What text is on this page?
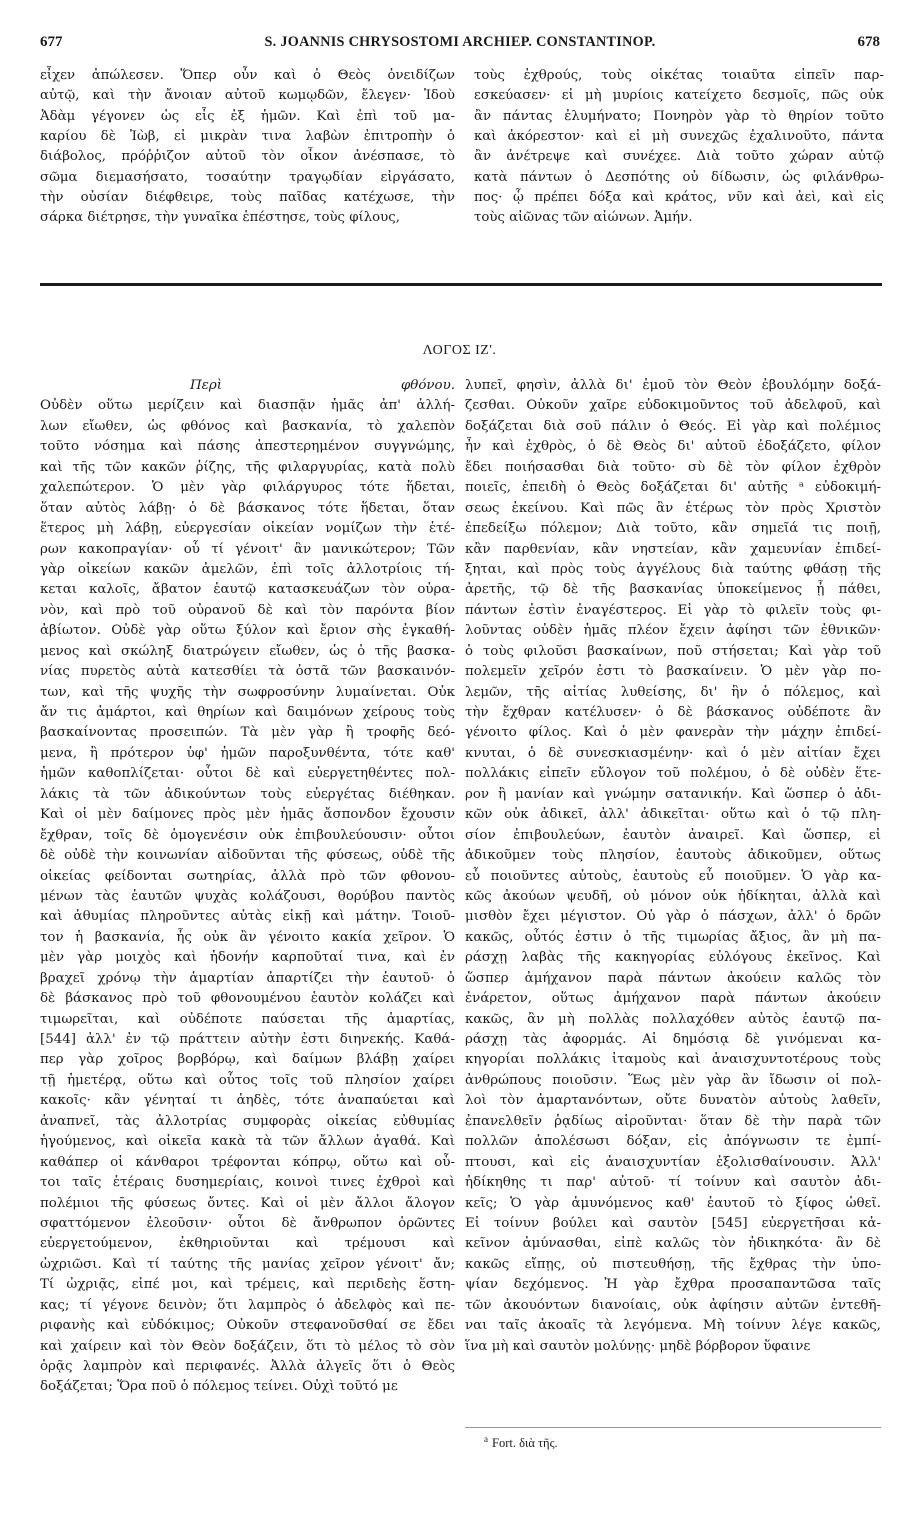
677	S. JOANNIS CHRYSOSTOMI ARCHIEP. CONSTANTINOP.	678
εἶχεν ἀπώλεσεν. Ὅπερ οὖν καὶ ὁ Θεὸς ὀνειδίζων
αὐτῷ, καὶ τὴν ἄνοιαν αὐτοῦ κωμῳδῶν, ἔλεγεν· Ἰδοὺ
Ἀδὰμ γέγονεν ὡς εἷς ἐξ ἡμῶν. Καὶ ἐπὶ τοῦ μα-
καρίου δὲ Ἰὼβ, εἰ μικρὰν τινα λαβὼν ἐπιτροπὴν ὁ
διάβολος, πρόῤῥιζον αὐτοῦ τὸν οἶκον ἀνέσπασε, τὸ
σῶμα διεμασήσατο, τοσαύτην τραγῳδίαν εἰργάσατο,
τὴν οὐσίαν διέφθειρε, τοὺς παῖδας κατέχωσε, τὴν
σάρκα διέτρησε, τὴν γυναῖκα ἐπέστησε, τοὺς φίλους,
τοὺς ἐχθρούς, τοὺς οἰκέτας τοιαῦτα εἰπεῖν παρ-
εσκεύασεν· εἰ μὴ μυρίοις κατείχετο δεσμοῖς, πῶς οὐκ
ἂν πάντας ἐλυμήνατο; Πονηρὸν γὰρ τὸ θηρίον τοῦτο
καὶ ἀκόρεστον· καὶ εἰ μὴ συνεχῶς ἐχαλινοῦτο, πάντα
ἂν ἀνέτρεψε καὶ συνέχεε. Διὰ τοῦτο χώραν αὐτῷ
κατὰ πάντων ὁ Δεσπότης οὐ δίδωσιν, ὡς φιλάνθρω-
πος· ᾧ πρέπει δόξα καὶ κράτος, νῦν καὶ ἀεὶ, καὶ εἰς
τοὺς αἰῶνας τῶν αἰώνων. Ἀμήν.
ΛΟΓΟΣ ΙΖ'.
Περὶ φθόνου.
Οὐδὲν οὕτω μερίζειν καὶ διασπᾷν ἡμᾶς ἀπ' ἀλλή-
λων εἴωθεν, ὡς φθόνος καὶ βασκανία, τὸ χαλεπὸν
τοῦτο νόσημα καὶ πάσης ἀπεστερημένον συγγνώμης,
καὶ τῆς τῶν κακῶν ῥίζης, τῆς φιλαργυρίας, κατὰ πολὺ
χαλεπώτερον. Ὁ μὲν γὰρ φιλάργυρος τότε ἥδεται,
ὅταν αὐτὸς λάβῃ· ὁ δὲ βάσκανος τότε ἥδεται, ὅταν
ἕτερος μὴ λάβῃ, εὐεργεσίαν οἰκείαν νομίζων τὴν ἑτέ-
ρων κακοπραγίαν· οὗ τί γένοιτ' ἂν μανικώτερον; Τῶν
γὰρ οἰκείων κακῶν ἀμελῶν, ἐπὶ τοῖς ἀλλοτρίοις τή-
κεται καλοῖς, ἄβατον ἑαυτῷ κατασκευάζων τὸν οὐρα-
νὸν, καὶ πρὸ τοῦ οὐρανοῦ δὲ καὶ τὸν παρόντα βίον
ἀβίωτον. Οὐδὲ γὰρ οὕτω ξύλον καὶ ἔριον σὴς ἐγκαθή-
μενος καὶ σκώληξ διατρώγειν εἴωθεν, ὡς ὁ τῆς βασκα-
νίας πυρετὸς αὐτὰ κατεσθίει τὰ ὀστᾶ τῶν βασκαινόν-
των, καὶ τῆς ψυχῆς τὴν σωφροσύνην λυμαίνεται. Οὐκ
ἄν τις ἁμάρτοι, καὶ θηρίων καὶ δαιμόνων χείρους τοὺς
βασκαίνοντας προσειπών. Τὰ μὲν γὰρ ἢ τροφῆς δεό-
μενα, ἢ πρότερον ὑφ' ἡμῶν παροξυνθέντα, τότε καθ'
ἡμῶν καθοπλίζεται· οὗτοι δὲ καὶ εὐεργετηθέντες πολ-
λάκις τὰ τῶν ἀδικούντων τοὺς εὐεργέτας διέθηκαν.
Καὶ οἱ μὲν δαίμονες πρὸς μὲν ἡμᾶς ἄσπονδον ἔχουσιν
ἔχθραν, τοῖς δὲ ὁμογενέσιν οὐκ ἐπιβουλεύουσιν· οὗτοι
δὲ οὐδὲ τὴν κοινωνίαν αἰδοῦνται τῆς φύσεως, οὐδὲ τῆς
οἰκείας φείδονται σωτηρίας, ἀλλὰ πρὸ τῶν φθονου-
μένων τὰς ἑαυτῶν ψυχὰς κολάζουσι, θορύβου παντὸς
καὶ ἀθυμίας πληροῦντες αὐτὰς εἰκῇ καὶ μάτην. Τοιοῦ-
τον ἡ βασκανία, ἧς οὐκ ἂν γένοιτο κακία χεῖρον. Ὁ
μὲν γὰρ μοιχὸς καὶ ἡδονήν καρποῦταί τινα, καὶ ἐν
βραχεῖ χρόνῳ τὴν ἁμαρτίαν ἀπαρτίζει τὴν ἑαυτοῦ· ὁ
δὲ βάσκανος πρὸ τοῦ φθονουμένου ἑαυτὸν κολάζει καὶ
τιμωρεῖται, καὶ οὐδέποτε παύσεται τῆς ἁμαρτίας,
[544] ἀλλ' ἐν τῷ πράττειν αὐτὴν ἐστι διηνεκής. Καθά-
περ γὰρ χοῖρος βορβόρῳ, καὶ δαίμων βλάβῃ χαίρει
τῇ ἡμετέρᾳ, οὕτω καὶ οὗτος τοῖς τοῦ πλησίον χαίρει
κακοῖς· κἂν γένηταί τι ἀηδὲς, τότε ἀναπαύεται καὶ
ἀναπνεῖ, τὰς ἀλλοτρίας συμφορὰς οἰκείας εὐθυμίας
ἡγούμενος, καὶ οἰκεῖα κακὰ τὰ τῶν ἄλλων ἀγαθά. Καὶ
καθάπερ οἱ κάνθαροι τρέφονται κόπρῳ, οὕτω καὶ οὗ-
τοι ταῖς ἑτέραις δυσημερίαις, κοινοὶ τινες ἐχθροὶ καὶ
πολέμιοι τῆς φύσεως ὄντες. Καὶ οἱ μὲν ἄλλοι ἄλογον
σφαττόμενον ἐλεοῦσιν· οὗτοι δὲ ἄνθρωπον ὁρῶντες
εὐεργετούμενον, ἐκθηριοῦνται καὶ τρέμουσι καὶ
ὠχριῶσι. Καὶ τί ταύτης τῆς μανίας χεῖρον γένοιτ' ἄν;
Τί ὠχριᾷς, εἰπέ μοι, καὶ τρέμεις, καὶ περιδεὴς ἕστη-
κας; τί γέγονε δεινὸν; ὅτι λαμπρὸς ὁ ἀδελφὸς καὶ πε-
ριφανὴς καὶ εὐδόκιμος; Οὐκοῦν στεφανοῦσθαί σε ἔδει
καὶ χαίρειν καὶ τὸν Θεὸν δοξάζειν, ὅτι τὸ μέλος τὸ σὸν
ὁρᾷς λαμπρὸν καὶ περιφανές. Ἀλλὰ ἀλγεῖς ὅτι ὁ Θεὸς
δοξάζεται; Ὅρα ποῦ ὁ πόλεμος τείνει. Οὐχὶ τοῦτό με
λυπεῖ, φησὶν, ἀλλὰ δι' ἐμοῦ τὸν Θεὸν ἐβουλόμην δοξά-
ζεσθαι. Οὐκοῦν χαῖρε εὐδοκιμοῦντος τοῦ ἀδελφοῦ, καὶ
δοξάζεται διὰ σοῦ πάλιν ὁ Θεός. Εἰ γὰρ καὶ πολέμιος
ἦν καὶ ἐχθρὸς, ὁ δὲ Θεὸς δι' αὐτοῦ ἐδοξάζετο, φίλον
ἔδει ποιήσασθαι διὰ τοῦτο· σὺ δὲ τὸν φίλον ἐχθρὸν
ποιεῖς, ἐπειδὴ ὁ Θεὸς δοξάζεται δι' αὐτῆς ᵃ εὐδοκιμή-
σεως ἐκείνου. Καὶ πῶς ἂν ἑτέρως τὸν πρὸς Χριστὸν
ἐπεδείξω πόλεμον; Διὰ τοῦτο, κἂν σημεῖά τις ποιῇ,
κἂν παρθενίαν, κἂν νηστείαν, κἂν χαμευνίαν ἐπιδεί-
ξηται, καὶ πρὸς τοὺς ἀγγέλους διὰ ταύτης φθάσῃ τῆς
ἀρετῆς, τῷ δὲ τῆς βασκανίας ὑποκείμενος ᾖ πάθει,
πάντων ἐστὶν ἐναγέστερος. Εἰ γὰρ τὸ φιλεῖν τοὺς φι-
λοῦντας οὐδὲν ἡμᾶς πλέον ἔχειν ἀφίησι τῶν ἐθνικῶν·
ὁ τοὺς φιλοῦσι βασκαίνων, ποῦ στήσεται; Καὶ γὰρ τοῦ
πολεμεῖν χεῖρόν ἐστι τὸ βασκαίνειν. Ὁ μὲν γὰρ πο-
λεμῶν, τῆς αἰτίας λυθείσης, δι' ἣν ὁ πόλεμος, καὶ
τὴν ἔχθραν κατέλυσεν· ὁ δὲ βάσκανος οὐδέποτε ἂν
γένοιτο φίλος. Καὶ ὁ μὲν φανερὰν τὴν μάχην ἐπιδεί-
κνυται, ὁ δὲ συνεσκιασμένην· καὶ ὁ μὲν αἰτίαν ἔχει
πολλάκις εἰπεῖν εὔλογον τοῦ πολέμου, ὁ δὲ οὐδὲν ἕτε-
ρον ἢ μανίαν καὶ γνώμην σατανικήν. Καὶ ὥσπερ ὁ ἀδι-
κῶν οὐκ ἀδικεῖ, ἀλλ' ἀδικεῖται· οὕτω καὶ ὁ τῷ πλη-
σίον ἐπιβουλεύων, ἑαυτὸν ἀναιρεῖ. Καὶ ὥσπερ, εἰ
ἀδικοῦμεν τοὺς πλησίον, ἑαυτοὺς ἀδικοῦμεν, οὕτως
εὖ ποιοῦντες αὐτοὺς, ἑαυτοὺς εὖ ποιοῦμεν. Ὁ γὰρ κα-
κῶς ἀκούων ψευδῆ, οὐ μόνον οὐκ ἠδίκηται, ἀλλὰ καὶ
μισθὸν ἔχει μέγιστον. Οὐ γὰρ ὁ πάσχων, ἀλλ' ὁ δρῶν
κακῶς, οὗτός ἐστιν ὁ τῆς τιμωρίας ἄξιος, ἂν μὴ πα-
ράσχῃ λαβὰς τῆς κακηγορίας εὐλόγους ἐκεῖνος. Καὶ
ὥσπερ ἀμήχανον παρὰ πάντων ἀκούειν καλῶς τὸν
ἐνάρετον, οὕτως ἀμήχανον παρὰ πάντων ἀκούειν
κακῶς, ἂν μὴ πολλὰς πολλαχόθεν αὐτὸς ἑαυτῷ πα-
ράσχῃ τὰς ἀφορμάς. Αἱ δημόσιᾳ δὲ γινόμεναι κα-
κηγορίαι πολλάκις ἰταμοὺς καὶ ἀναισχυντοτέρους τοὺς
ἀνθρώπους ποιοῦσιν. Ἕως μὲν γὰρ ἂν ἴδωσιν οἱ πολ-
λοὶ τὸν ἁμαρτανόντων, οὔτε δυνατὸν αὐτοὺς λαθεῖν,
ἐπανελθεῖν ῥᾳδίως αἱροῦνται· ὅταν δὲ τὴν παρὰ τῶν
πολλῶν ἀπολέσωσι δόξαν, εἰς ἀπόγνωσιν τε ἐμπί-
πτουσι, καὶ εἰς ἀναισχυντίαν ἐξολισθαίνουσιν. Ἀλλ'
ἠδίκηθης τι παρ' αὐτοῦ· τί τοίνυν καὶ σαυτὸν ἀδι-
κεῖς; Ὁ γὰρ ἀμυνόμενος καθ' ἑαυτοῦ τὸ ξίφος ὠθεῖ.
Εἰ τοίνυν βούλει καὶ σαυτὸν [545] εὐεργετῆσαι κἀ-
κεῖνον ἀμύνασθαι, εἰπὲ καλῶς τὸν ἠδικηκότα· ἂν δὲ
κακῶς εἴπῃς, οὐ πιστευθήσῃ, τῆς ἔχθρας τὴν ὑπο-
ψίαν δεχόμενος. Ἡ γὰρ ἔχθρα προσαπαντῶσα ταῖς
τῶν ἀκουόντων διανοίαις, οὐκ ἀφίησιν αὐτῶν ἐντεθῆ-
ναι ταῖς ἀκοαῖς τὰ λεγόμενα. Μὴ τοίνυν λέγε κακῶς,
ἵνα μὴ καὶ σαυτὸν μολύνῃς· μηδὲ βόρβορον ὕφαινε
$^a$ Fort. διὰ τῆς.
